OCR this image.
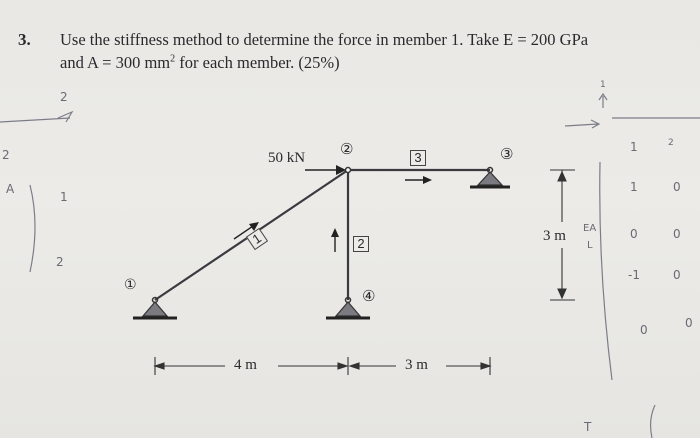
3. Use the stiffness method to determine the force in member 1. Take E = 200 GPa
and A = 300 $mm^2$ for each member. (25%)
50 kN
①
②	③
④
1	2
3
4 m	3 m
3 m
2
2
1
A
2
1
1	2
1	0
0	0
-1	0
0	0
EA
L
T
